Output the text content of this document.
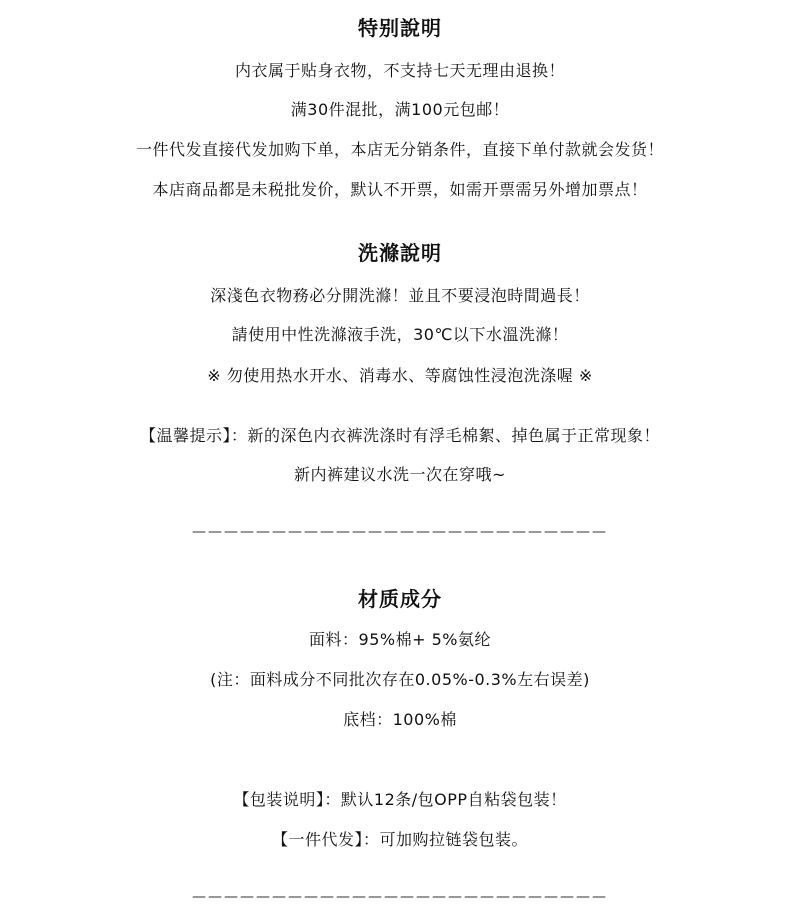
特别說明
内衣属于贴身衣物，不支持七天无理由退换！
满30件混批，满100元包邮！
一件代发直接代发加购下单，本店无分销条件，直接下单付款就会发货！
本店商品都是未税批发价，默认不开票，如需开票需另外增加票点！
洗滌說明
深淺色衣物務必分開洗滌！並且不要浸泡時間過長！
請使用中性洗滌液手洗，30℃以下水溫洗滌！
※ 勿使用热水开水、消毒水、等腐蚀性浸泡洗涤喔 ※
【温馨提示】：新的深色内衣裤洗涤时有浮毛棉絮、掉色属于正常现象！
新内裤建议水洗一次在穿哦~
——————————————————————————
材质成分
面料：95%棉+ 5%氨纶
(注：面料成分不同批次存在0.05%-0.3%左右误差)
底档：100%棉
【包装说明】：默认12条/包OPP自粘袋包装！
【一件代发】：可加购拉链袋包装。
——————————————————————————
